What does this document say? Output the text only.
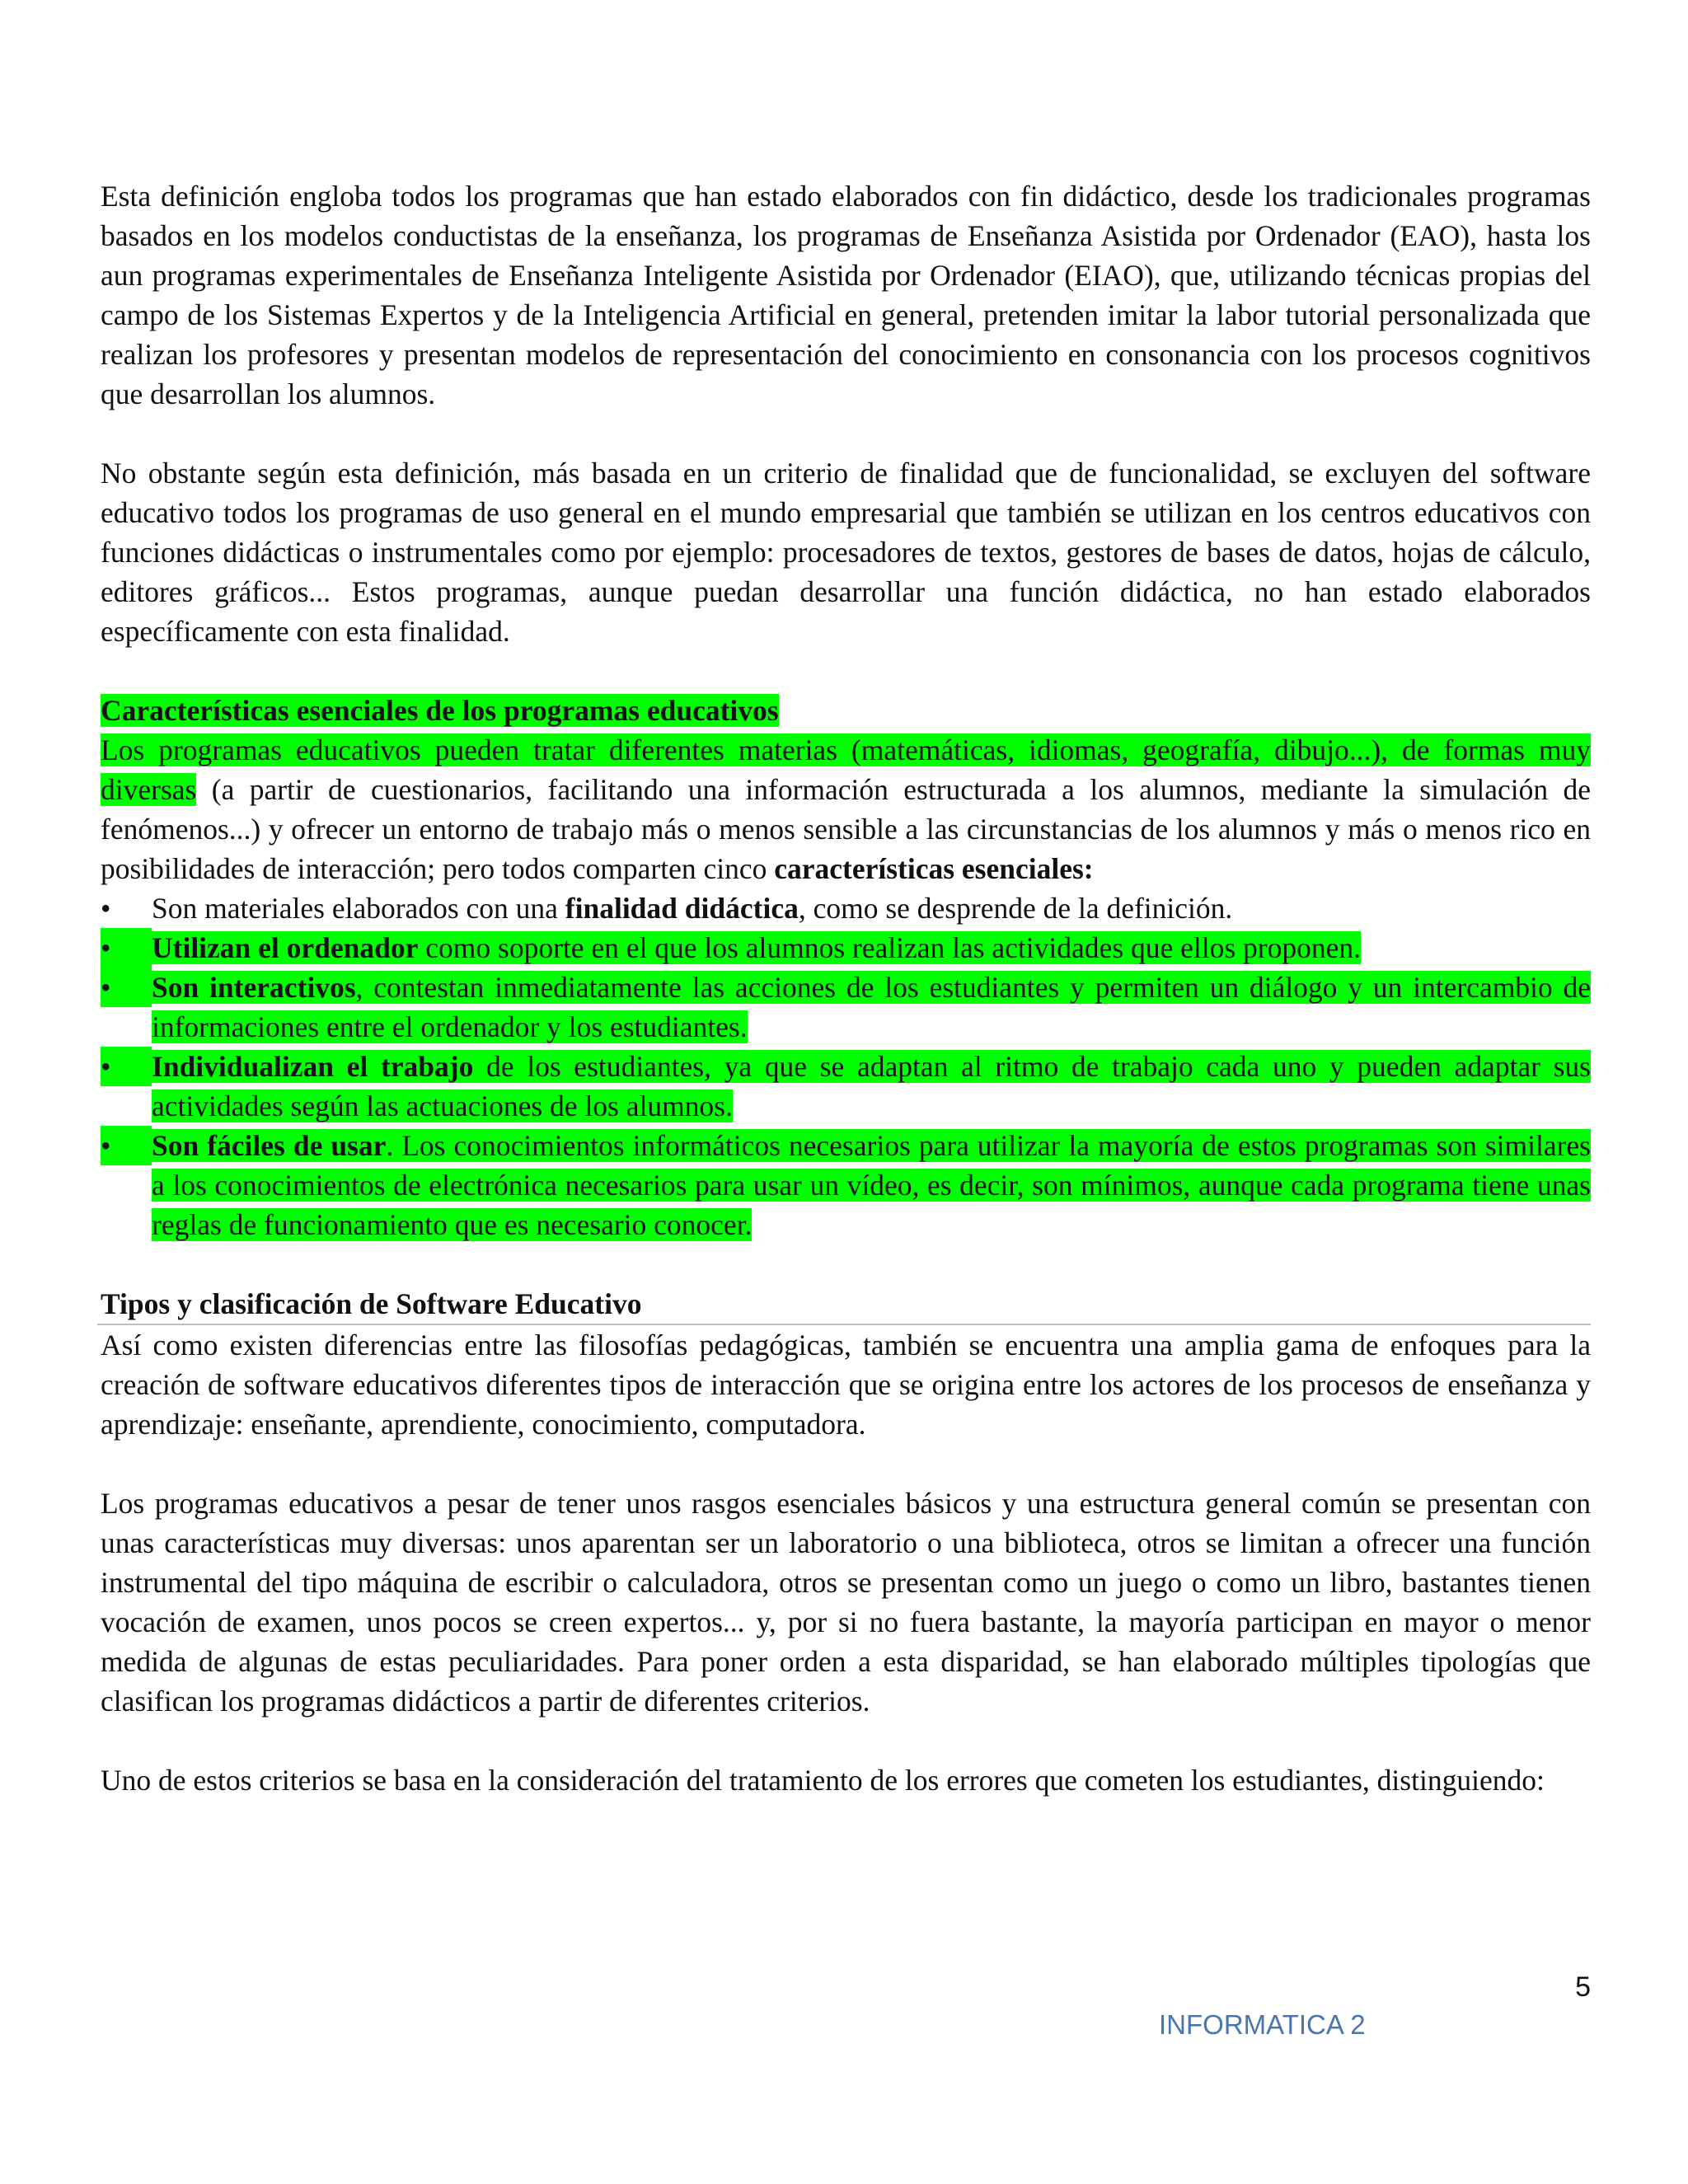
Esta definición engloba todos los programas que han estado elaborados con fin didáctico, desde los tradicionales programas basados en los modelos conductistas de la enseñanza, los programas de Enseñanza Asistida por Ordenador (EAO), hasta los aun programas experimentales de Enseñanza Inteligente Asistida por Ordenador (EIAO), que, utilizando técnicas propias del campo de los Sistemas Expertos y de la Inteligencia Artificial en general, pretenden imitar la labor tutorial personalizada que realizan los profesores y presentan modelos de representación del conocimiento en consonancia con los procesos cognitivos que desarrollan los alumnos.

No obstante según esta definición, más basada en un criterio de finalidad que de funcionalidad, se excluyen del software educativo todos los programas de uso general en el mundo empresarial que también se utilizan en los centros educativos con funciones didácticas o instrumentales como por ejemplo: procesadores de textos, gestores de bases de datos, hojas de cálculo, editores gráficos... Estos programas, aunque puedan desarrollar una función didáctica, no han estado elaborados específicamente con esta finalidad.

Características esenciales de los programas educativos

Los programas educativos pueden tratar diferentes materias (matemáticas, idiomas, geografía, dibujo...), de formas muy diversas (a partir de cuestionarios, facilitando una información estructurada a los alumnos, mediante la simulación de fenómenos...) y ofrecer un entorno de trabajo más o menos sensible a las circunstancias de los alumnos y más o menos rico en posibilidades de interacción; pero todos comparten cinco características esenciales:

•	Son materiales elaborados con una finalidad didáctica, como se desprende de la definición.
•	Utilizan el ordenador como soporte en el que los alumnos realizan las actividades que ellos proponen.
•	Son interactivos, contestan inmediatamente las acciones de los estudiantes y permiten un diálogo y un intercambio de informaciones entre el ordenador y los estudiantes.
•	Individualizan el trabajo de los estudiantes, ya que se adaptan al ritmo de trabajo cada uno y pueden adaptar sus actividades según las actuaciones de los alumnos.
•	Son fáciles de usar. Los conocimientos informáticos necesarios para utilizar la mayoría de estos programas son similares a los conocimientos de electrónica necesarios para usar un vídeo, es decir, son mínimos, aunque cada programa tiene unas reglas de funcionamiento que es necesario conocer.
Tipos y clasificación de Software Educativo

Así como existen diferencias entre las filosofías pedagógicas, también se encuentra una amplia gama de enfoques para la creación de software educativos diferentes tipos de interacción que se origina entre los actores de los procesos de enseñanza y aprendizaje: enseñante, aprendiente, conocimiento, computadora.

Los programas educativos a pesar de tener unos rasgos esenciales básicos y una estructura general común se presentan con unas características muy diversas: unos aparentan ser un laboratorio o una biblioteca, otros se limitan a ofrecer una función instrumental del tipo máquina de escribir o calculadora, otros se presentan como un juego o como un libro, bastantes tienen vocación de examen, unos pocos se creen expertos... y, por si no fuera bastante, la mayoría participan en mayor o menor medida de algunas de estas peculiaridades. Para poner orden a esta disparidad, se han elaborado múltiples tipologías que clasifican los programas didácticos a partir de diferentes criterios.

Uno de estos criterios se basa en la consideración del tratamiento de los errores que cometen los estudiantes, distinguiendo:

5
INFORMATICA 2
